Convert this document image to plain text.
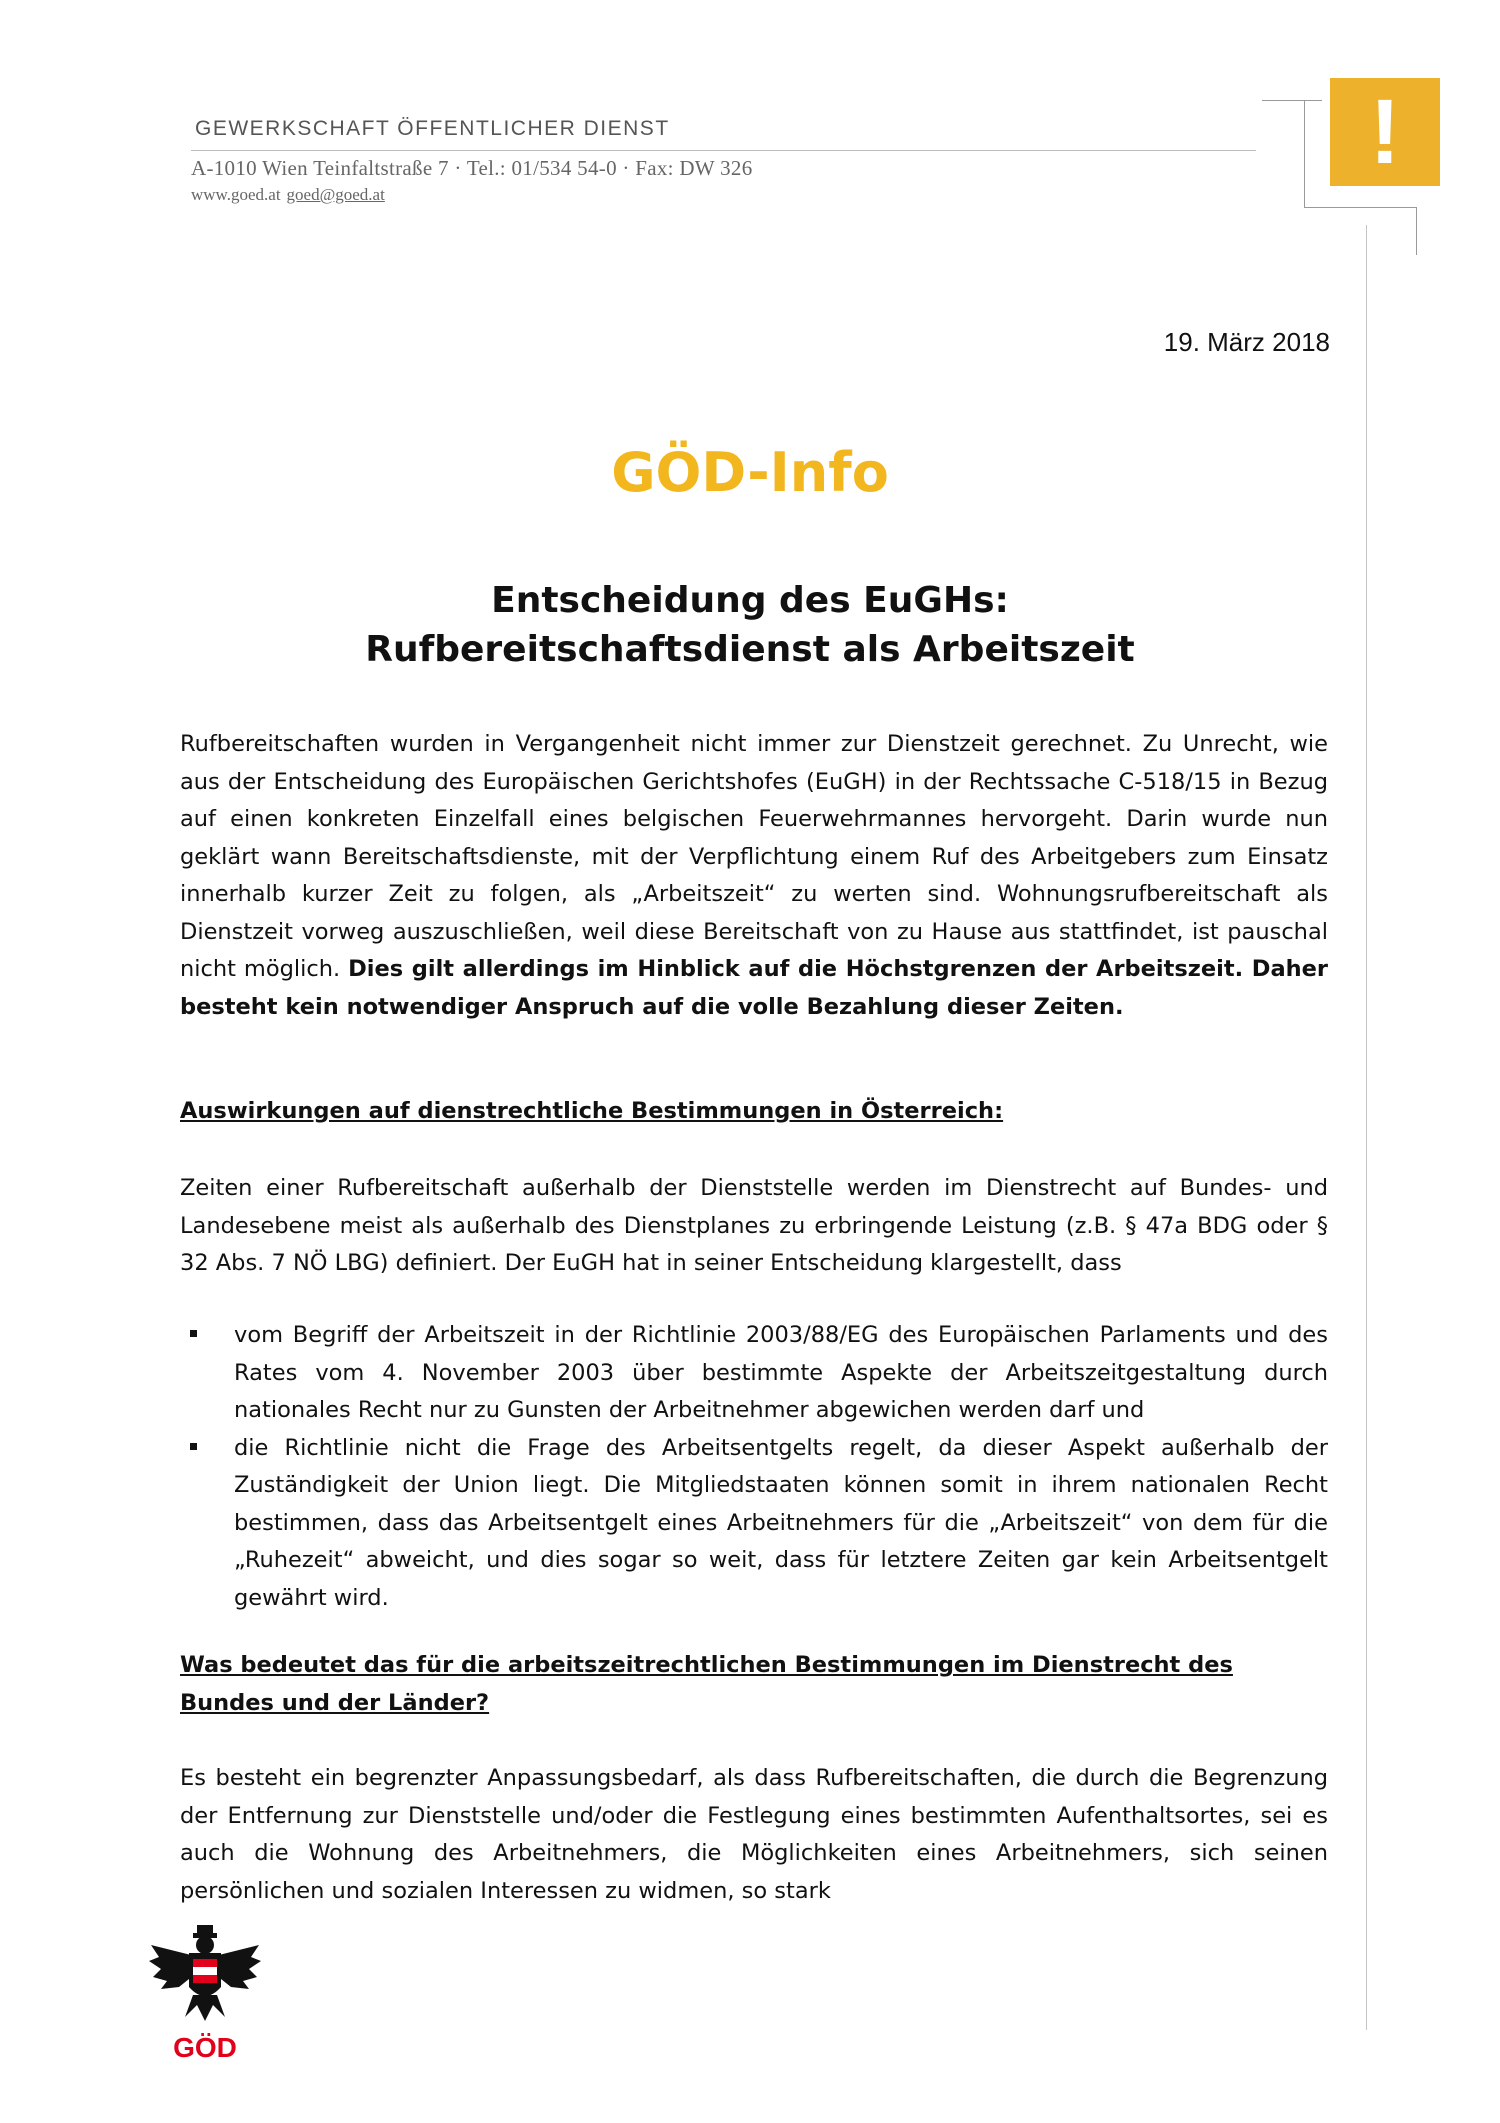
GEWERKSCHAFT ÖFFENTLICHER DIENST
A-1010 Wien Teinfaltstraße 7 · Tel.: 01/534 54-0 · Fax: DW 326
www.goed.at goed@goed.at
!
19. März 2018
GÖD-Info
Entscheidung des EuGHs:
Rufbereitschaftsdienst als Arbeitszeit
Rufbereitschaften wurden in Vergangenheit nicht immer zur Dienstzeit gerechnet. Zu Unrecht, wie aus der Entscheidung des Europäischen Gerichtshofes (EuGH) in der Rechtssache C-518/15 in Bezug auf einen konkreten Einzelfall eines belgischen Feuerwehrmannes hervorgeht. Darin wurde nun geklärt wann Bereitschaftsdienste, mit der Verpflichtung einem Ruf des Arbeitgebers zum Einsatz innerhalb kurzer Zeit zu folgen, als „Arbeitszeit“ zu werten sind. Wohnungsrufbereitschaft als Dienstzeit vorweg auszuschließen, weil diese Bereitschaft von zu Hause aus stattfindet, ist pauschal nicht möglich. Dies gilt allerdings im Hinblick auf die Höchstgrenzen der Arbeitszeit. Daher besteht kein notwendiger Anspruch auf die volle Bezahlung dieser Zeiten.
Auswirkungen auf dienstrechtliche Bestimmungen in Österreich:
Zeiten einer Rufbereitschaft außerhalb der Dienststelle werden im Dienstrecht auf Bundes- und Landesebene meist als außerhalb des Dienstplanes zu erbringende Leistung (z.B. § 47a BDG oder § 32 Abs. 7 NÖ LBG) definiert. Der EuGH hat in seiner Entscheidung klargestellt, dass
vom Begriff der Arbeitszeit in der Richtlinie 2003/88/EG des Europäischen Parlaments und des Rates vom 4. November 2003 über bestimmte Aspekte der Arbeitszeitgestaltung durch nationales Recht nur zu Gunsten der Arbeitnehmer abgewichen werden darf und
die Richtlinie nicht die Frage des Arbeitsentgelts regelt, da dieser Aspekt außerhalb der Zuständigkeit der Union liegt. Die Mitgliedstaaten können somit in ihrem nationalen Recht bestimmen, dass das Arbeitsentgelt eines Arbeitnehmers für die „Arbeitszeit“ von dem für die „Ruhezeit“ abweicht, und dies sogar so weit, dass für letztere Zeiten gar kein Arbeitsentgelt gewährt wird.
Was bedeutet das für die arbeitszeitrechtlichen Bestimmungen im Dienstrecht des Bundes und der Länder?
Es besteht ein begrenzter Anpassungsbedarf, als dass Rufbereitschaften, die durch die Begrenzung der Entfernung zur Dienststelle und/oder die Festlegung eines bestimmten Aufenthaltsortes, sei es auch die Wohnung des Arbeitnehmers, die Möglichkeiten eines Arbeitnehmers, sich seinen persönlichen und sozialen Interessen zu widmen, so stark
GÖD
